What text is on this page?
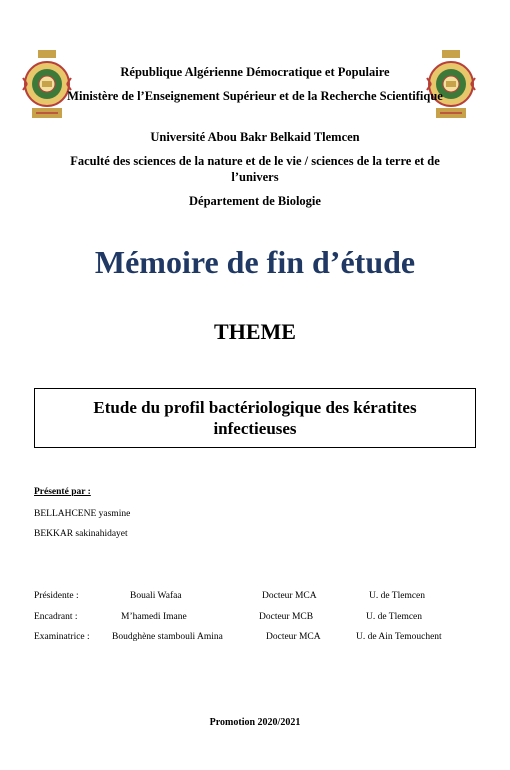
République Algérienne Démocratique et Populaire
Ministère de l’Enseignement Supérieur et de la Recherche Scientifique
Université Abou Bakr Belkaid Tlemcen
Faculté des sciences de la nature et de le vie / sciences de la terre et de l’univers
Département de Biologie
Mémoire de fin d’étude
THEME
Etude du profil bactériologique des kératites infectieuses
Présenté par :
BELLAHCENE yasmine
BEKKAR sakinahidayet
Présidente :	Bouali Wafaa	Docteur MCA	U. de Tlemcen
Encadrant :	M’hamedi Imane	Docteur MCB	U. de Tlemcen
Examinatrice : Boudghène stambouli Amina	Docteur MCA	U. de Ain Temouchent
Promotion 2020/2021
